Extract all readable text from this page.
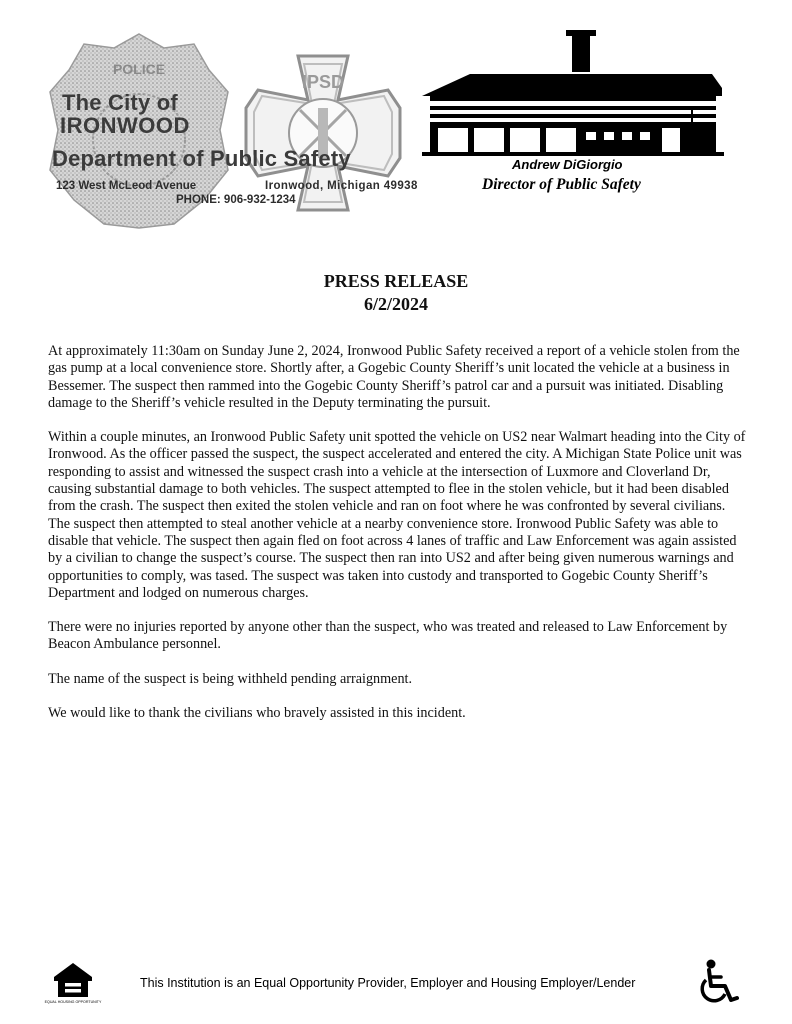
POLICE
IPSD
The City of
IRONWOOD
Department of Public Safety
123 West McLeod Avenue	Ironwood, Michigan 49938
PHONE: 906-932-1234
Andrew DiGiorgio
Director of Public Safety
PRESS RELEASE
6/2/2024

At approximately 11:30am on Sunday June 2, 2024, Ironwood Public Safety received a report of a vehicle stolen from the gas pump at a local convenience store. Shortly after, a Gogebic County Sheriff’s unit located the vehicle at a business in Bessemer. The suspect then rammed into the Gogebic County Sheriff’s patrol car and a pursuit was initiated. Disabling damage to the Sheriff’s vehicle resulted in the Deputy terminating the pursuit.

Within a couple minutes, an Ironwood Public Safety unit spotted the vehicle on US2 near Walmart heading into the City of Ironwood. As the officer passed the suspect, the suspect accelerated and entered the city. A Michigan State Police unit was responding to assist and witnessed the suspect crash into a vehicle at the intersection of Luxmore and Cloverland Dr, causing substantial damage to both vehicles. The suspect attempted to flee in the stolen vehicle, but it had been disabled from the crash. The suspect then exited the stolen vehicle and ran on foot where he was confronted by several civilians. The suspect then attempted to steal another vehicle at a nearby convenience store. Ironwood Public Safety was able to disable that vehicle. The suspect then again fled on foot across 4 lanes of traffic and Law Enforcement was again assisted by a civilian to change the suspect’s course. The suspect then ran into US2 and after being given numerous warnings and opportunities to comply, was tased. The suspect was taken into custody and transported to Gogebic County Sheriff’s Department and lodged on numerous charges.

There were no injuries reported by anyone other than the suspect, who was treated and released to Law Enforcement by Beacon Ambulance personnel.

The name of the suspect is being withheld pending arraignment.

We would like to thank the civilians who bravely assisted in this incident.

EQUAL HOUSING OPPORTUNITY
This Institution is an Equal Opportunity Provider, Employer and Housing Employer/Lender
